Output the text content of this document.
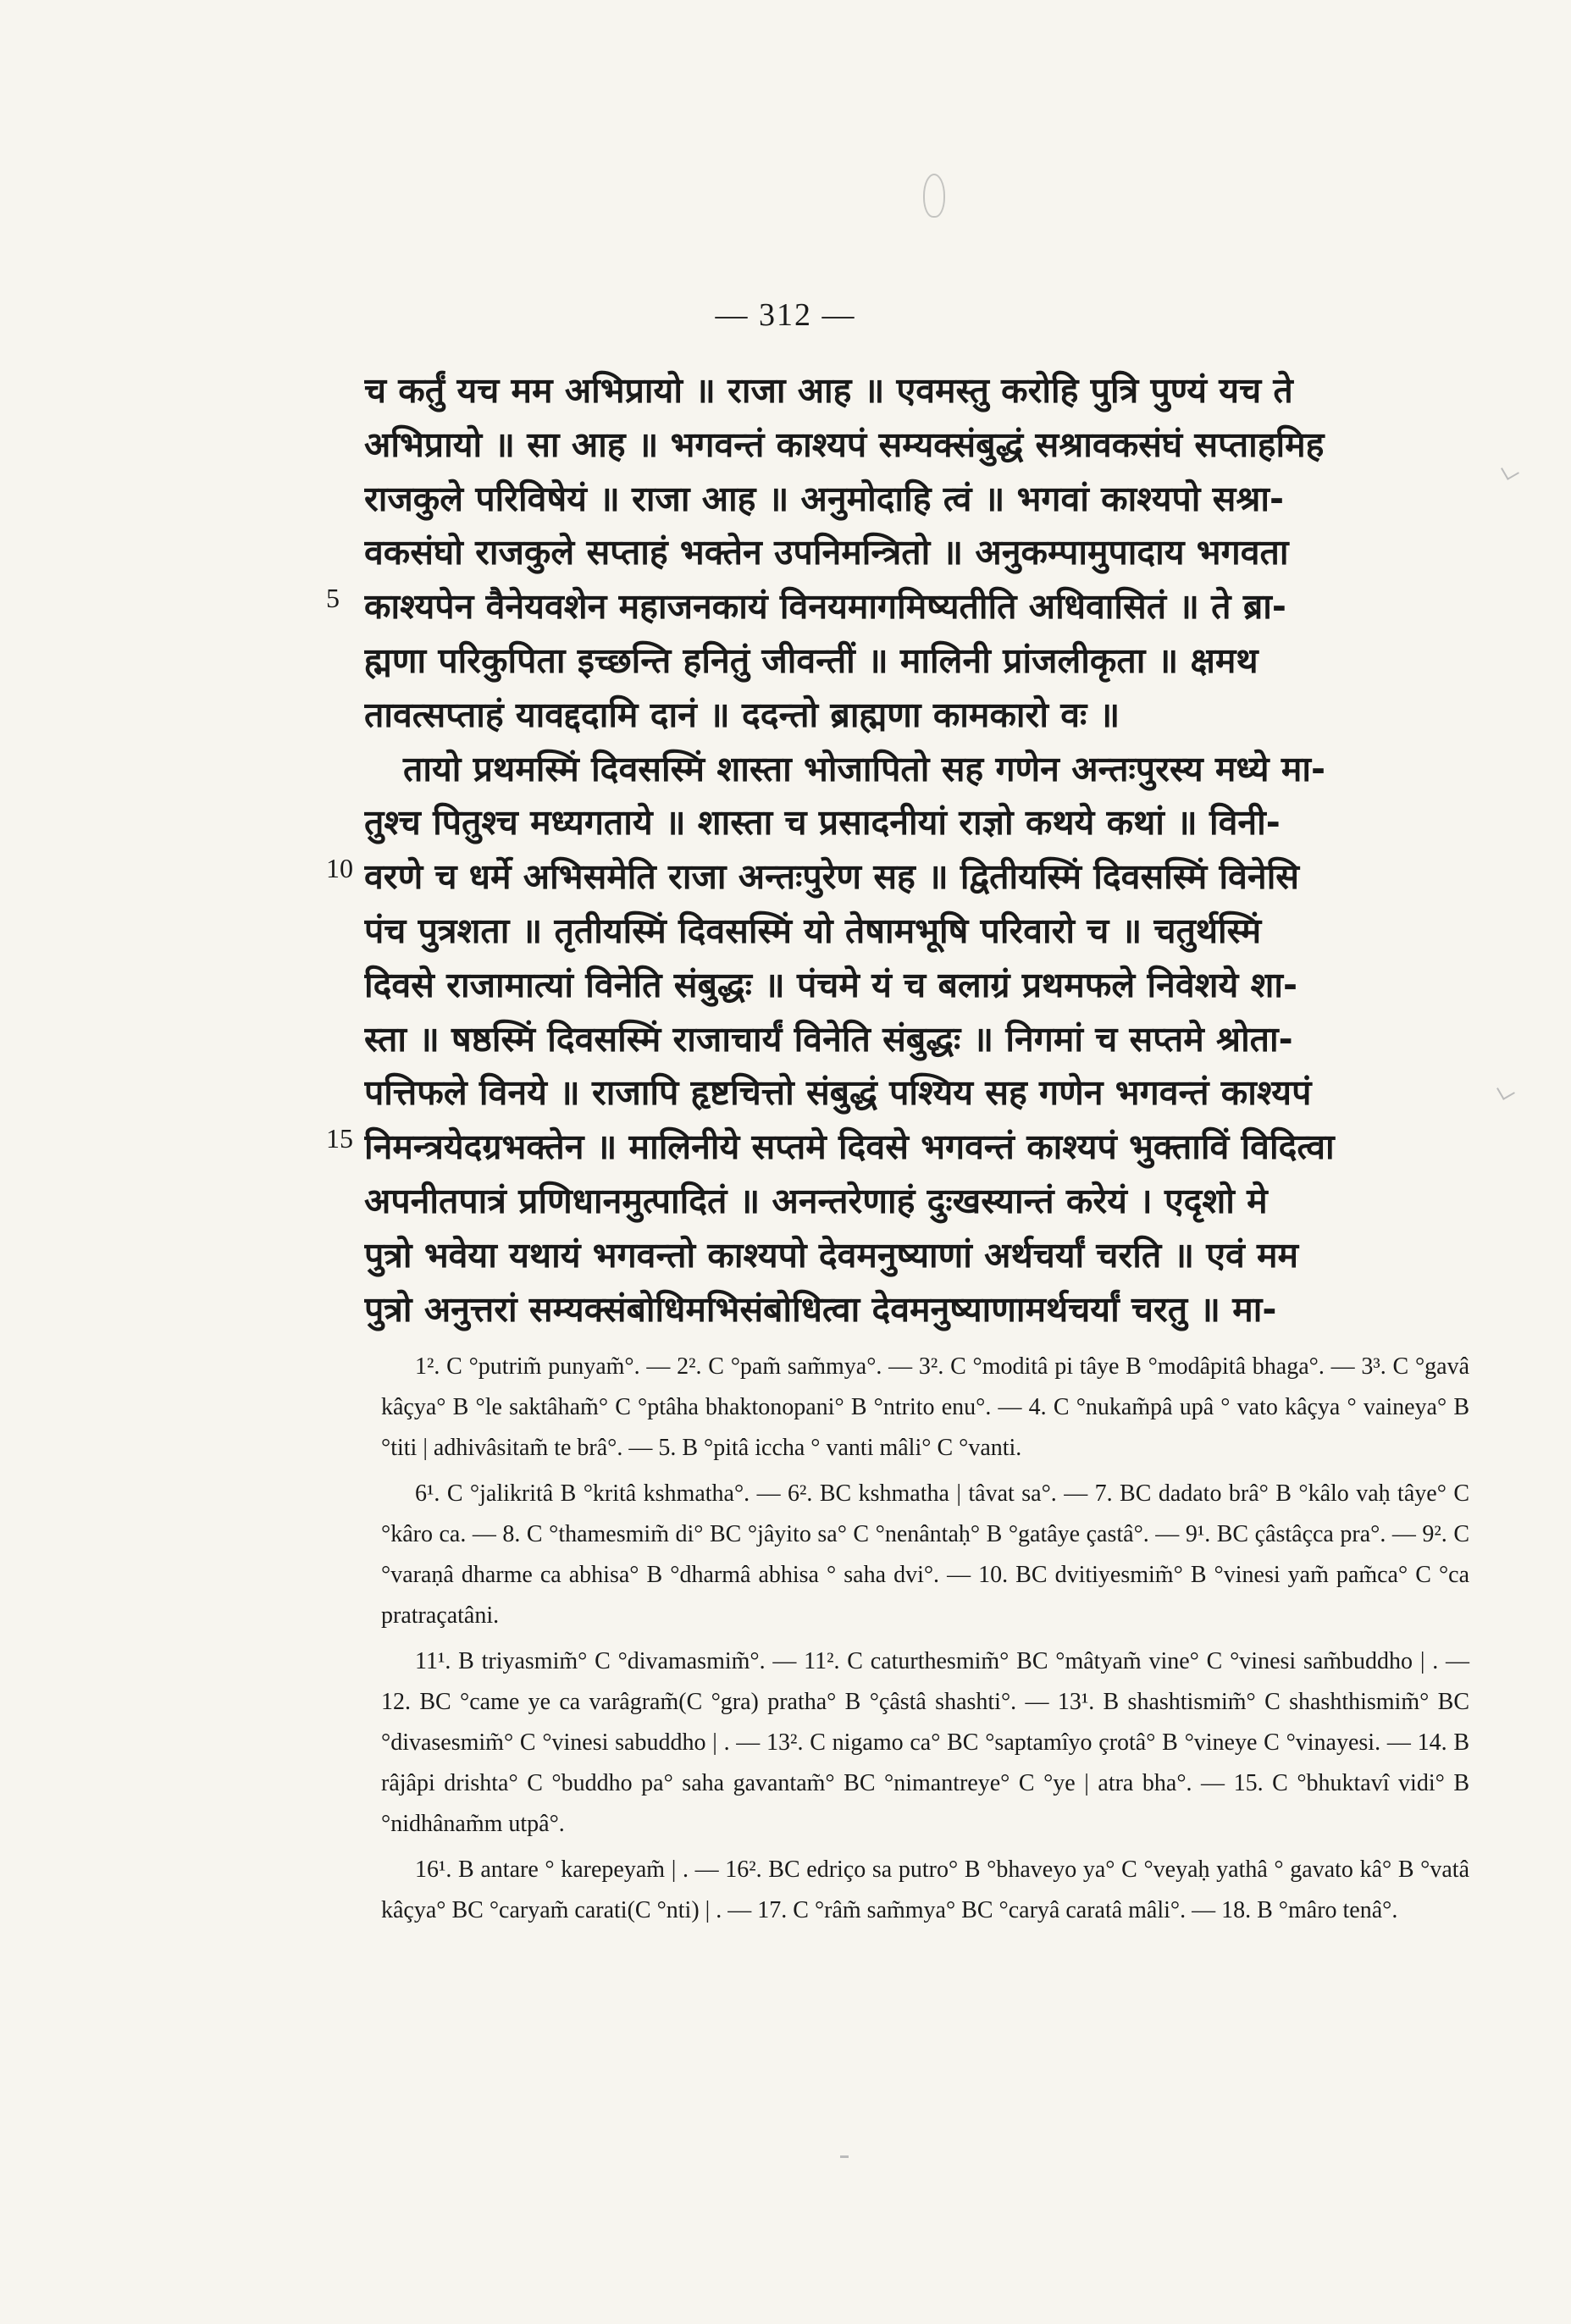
— 312 —
च कर्तुं यच मम अभिप्रायो ॥ राजा आह ॥ एवमस्तु करोहि पुत्रि पुण्यं यच ते
अभिप्रायो ॥ सा आह ॥ भगवन्तं काश्यपं सम्यक्संबुद्धं सश्रावकसंघं सप्ताहमिह
राजकुले परिविषेयं ॥ राजा आह ॥ अनुमोदाहि त्वं ॥ भगवां काश्यपो सश्रा-
वकसंघो राजकुले सप्ताहं भक्तेन उपनिमन्त्रितो ॥ अनुकम्पामुपादाय भगवता
काश्यपेन वैनेयवशेन महाजनकायं विनयमागमिष्यतीति अधिवासितं ॥ ते ब्रा-
ह्मणा परिकुपिता इच्छन्ति हनितुं जीवन्तीं ॥ मालिनी प्रांजलीकृता ॥ क्षमथ
तावत्सप्ताहं यावद्ददामि दानं ॥ ददन्तो ब्राह्मणा कामकारो वः ॥
तायो प्रथमस्मिं दिवसस्मिं शास्ता भोजापितो सह गणेन अन्तःपुरस्य मध्ये मा-
तुश्च पितुश्च मध्यगताये ॥ शास्ता च प्रसादनीयां राज्ञो कथये कथां ॥ विनी-
वरणे च धर्मे अभिसमेति राजा अन्तःपुरेण सह ॥ द्वितीयस्मिं दिवसस्मिं विनेसि
पंच पुत्रशता ॥ तृतीयस्मिं दिवसस्मिं यो तेषामभूषि परिवारो च ॥ चतुर्थस्मिं
दिवसे राजामात्यां विनेति संबुद्धः ॥ पंचमे यं च बलाग्रं प्रथमफले निवेशये शा-
स्ता ॥ षष्ठस्मिं दिवसस्मिं राजाचार्यं विनेति संबुद्धः ॥ निगमां च सप्तमे श्रोता-
पत्तिफले विनये ॥ राजापि हृष्टचित्तो संबुद्धं पश्यिय सह गणेन भगवन्तं काश्यपं
निमन्त्रयेदग्रभक्तेन ॥ मालिनीये सप्तमे दिवसे भगवन्तं काश्यपं भुक्ताविं विदित्वा
अपनीतपात्रं प्रणिधानमुत्पादितं ॥ अनन्तरेणाहं दुःखस्यान्तं करेयं । एदृशो मे
पुत्रो भवेया यथायं भगवन्तो काश्यपो देवमनुष्याणां अर्थचर्यां चरति ॥ एवं मम
पुत्रो अनुत्तरां सम्यक्संबोधिमभिसंबोधित्वा देवमनुष्याणामर्थचर्यां चरतु ॥ मा-
5
10
15

1². C °putrim̃ punyam̃°. — 2². C °pam̃ sam̃mya°. — 3². C °moditâ pi tâye B °modâpitâ bhaga°. — 3³. C °gavâ kâçya° B °le saktâham̃° C °ptâha bhaktonopani° B °ntrito enu°. — 4. C °nukam̃pâ upâ ° vato kâçya ° vaineya° B °titi | adhivâsitam̃ te brâ°. — 5. B °pitâ iccha ° vanti mâli° C °vanti.

6¹. C °jalikritâ B °kritâ kshmatha°. — 6². BC kshmatha | tâvat sa°. — 7. BC dadato brâ° B °kâlo vaḥ tâye° C °kâro ca. — 8. C °thamesmim̃ di° BC °jâyito sa° C °nenântaḥ° B °gatâye çastâ°. — 9¹. BC çâstâçca pra°. — 9². C °varaṇâ dharme ca abhisa° B °dharmâ abhisa ° saha dvi°. — 10. BC dvitiyesmim̃° B °vinesi yam̃ pam̃ca° C °ca pratraçatâni.

11¹. B triyasmim̃° C °divamasmim̃°. — 11². C caturthesmim̃° BC °mâtyam̃ vine° C °vinesi sam̃buddho | . — 12. BC °came ye ca varâgram̃(C °gra) pratha° B °çâstâ shashti°. — 13¹. B shashtismim̃° C shashthismim̃° BC °divasesmim̃° C °vinesi sabuddho | . — 13². C nigamo ca° BC °saptamîyo çrotâ° B °vineye C °vinayesi. — 14. B râjâpi drishta° C °buddho pa° saha gavantam̃° BC °nimantreye° C °ye | atra bha°. — 15. C °bhuktavî vidi° B °nidhânam̃m utpâ°.

16¹. B antare ° karepeyam̃ | . — 16². BC edriço sa putro° B °bhaveyo ya° C °veyaḥ yathâ ° gavato kâ° B °vatâ kâçya° BC °caryam̃ carati(C °nti) | . — 17. C °râm̃ sam̃mya° BC °caryâ caratâ mâli°. — 18. B °mâro tenâ°.
